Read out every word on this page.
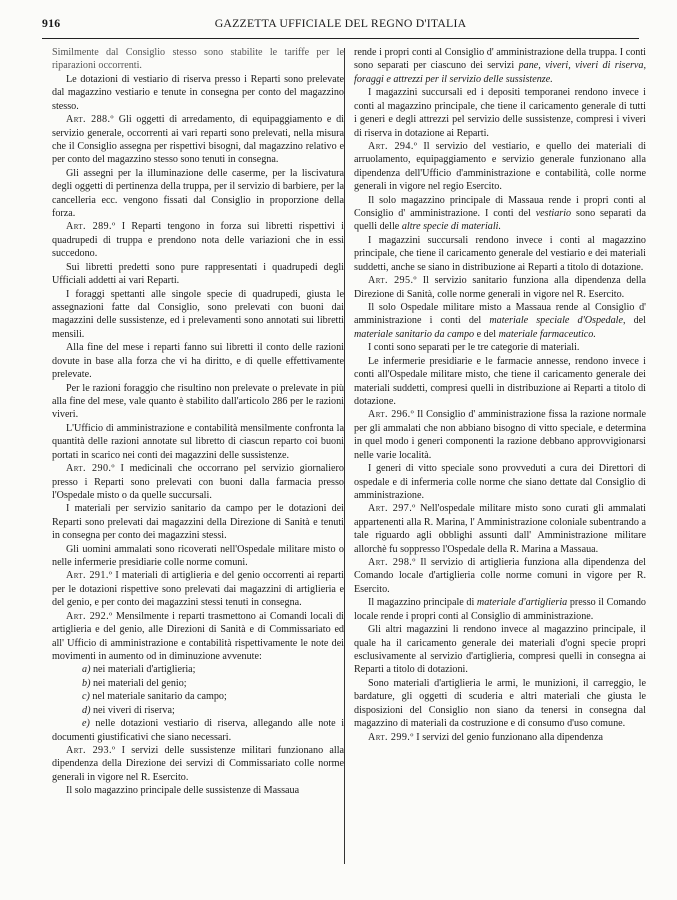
916	GAZZETTA UFFICIALE DEL REGNO D'ITALIA

Similmente dal Consiglio stesso sono stabilite le tariffe per le riparazioni occorrenti.

Le dotazioni di vestiario di riserva presso i Reparti sono prelevate dal magazzino vestiario e tenute in consegna per conto del magazzino stesso.

Art. 288.º Gli oggetti di arredamento, di equipaggiamento e di servizio generale, occorrenti ai vari reparti sono prelevati, nella misura che il Consiglio assegna per rispettivi bisogni, dal magazzino relativo e per conto del magazzino stesso sono tenuti in consegna.

Gli assegni per la illuminazione delle caserme, per la liscivatura degli oggetti di pertinenza della truppa, per il servizio di barbiere, per la cancelleria ecc. vengono fissati dal Consiglio in proporzione della forza.

Art. 289.º I Reparti tengono in forza sui libretti rispettivi i quadrupedi di truppa e prendono nota delle variazioni che in essi succedono.

Sui libretti predetti sono pure rappresentati i quadrupedi degli Ufficiali addetti ai vari Reparti.

I foraggi spettanti alle singole specie di quadrupedi, giusta le assegnazioni fatte dal Consiglio, sono prelevati con buoni dai magazzini delle sussistenze, ed i prelevamenti sono annotati sui libretti mensili.

Alla fine del mese i reparti fanno sui libretti il conto delle razioni dovute in base alla forza che vi ha diritto, e di quelle effettivamente prelevate.

Per le razioni foraggio che risultino non prelevate o prelevate in più alla fine del mese, vale quanto è stabilito dall'articolo 286 per le razioni viveri.

L'Ufficio di amministrazione e contabilità mensilmente confronta la quantità delle razioni annotate sul libretto di ciascun reparto coi buoni portati in scarico nei conti dei magazzini delle sussistenze.

Art. 290.º I medicinali che occorrano pel servizio giornaliero presso i Reparti sono prelevati con buoni dalla farmacia presso l'Ospedale misto o da quelle succursali.

I materiali per servizio sanitario da campo per le dotazioni dei Reparti sono prelevati dai magazzini della Direzione di Sanità e tenuti in consegna per conto dei magazzini stessi.

Gli uomini ammalati sono ricoverati nell'Ospedale militare misto o nelle infermerie presidiarie colle norme comuni.

Art. 291.º I materiali di artiglieria e del genio occorrenti ai reparti per le dotazioni rispettive sono prelevati dai magazzini di artiglieria e del genio, e per conto dei magazzini stessi tenuti in consegna.

Art. 292.º Mensilmente i reparti trasmettono ai Comandi locali di artiglieria e del genio, alle Direzioni di Sanità e di Commissariato ed all' Ufficio di amministrazione e contabilità rispettivamente le note dei movimenti in aumento od in diminuzione avvenute:

a) nei materiali d'artiglieria;
b) nei materiali del genio;
c) nel materiale sanitario da campo;
d) nei viveri di riserva;
e) nelle dotazioni vestiario di riserva, allegando alle note i documenti giustificativi che siano necessari.

Art. 293.º I servizi delle sussistenze militari funzionano alla dipendenza della Direzione dei servizi di Commissariato colle norme generali in vigore nel R. Esercito.

Il solo magazzino principale delle sussistenze di Massaua

rende i propri conti al Consiglio d' amministrazione della truppa. I conti sono separati per ciascuno dei servizi pane, viveri, viveri di riserva, foraggi e attrezzi per il servizio delle sussistenze.

I magazzini succursali ed i depositi temporanei rendono invece i conti al magazzino principale, che tiene il caricamento generale di tutti i generi e degli attrezzi pel servizio delle sussistenze, compresi i viveri di riserva in dotazione ai Reparti.

Art. 294.º Il servizio del vestiario, e quello dei materiali di arruolamento, equipaggiamento e servizio generale funzionano alla dipendenza dell'Ufficio d'amministrazione e contabilità, colle norme generali in vigore nel regio Esercito.

Il solo magazzino principale di Massaua rende i propri conti al Consiglio d' amministrazione. I conti del vestiario sono separati da quelli delle altre specie di materiali.

I magazzini succursali rendono invece i conti al magazzino principale, che tiene il caricamento generale del vestiario e dei materiali suddetti, anche se siano in distribuzione ai Reparti a titolo di dotazione.

Art. 295.º Il servizio sanitario funziona alla dipendenza della Direzione di Sanità, colle norme generali in vigore nel R. Esercito.

Il solo Ospedale militare misto a Massaua rende al Consiglio d' amministrazione i conti del materiale speciale d'Ospedale, del materiale sanitario da campo e del materiale farmaceutico.

I conti sono separati per le tre categorie di materiali.

Le infermerie presidiarie e le farmacie annesse, rendono invece i conti all'Ospedale militare misto, che tiene il caricamento generale dei materiali suddetti, compresi quelli in distribuzione ai Reparti a titolo di dotazione.

Art. 296.º Il Consiglio d' amministrazione fissa la razione normale per gli ammalati che non abbiano bisogno di vitto speciale, e determina in quel modo i generi componenti la razione debbano approvvigionarsi nelle varie località.

I generi di vitto speciale sono provveduti a cura dei Direttori di ospedale e di infermeria colle norme che siano dettate dal Consiglio di amministrazione.

Art. 297.º Nell'ospedale militare misto sono curati gli ammalati appartenenti alla R. Marina, l' Amministrazione coloniale subentrando a tale riguardo agli obblighi assunti dall' Amministrazione militare allorchè fu soppresso l'Ospedale della R. Marina a Massaua.

Art. 298.º Il servizio di artiglieria funziona alla dipendenza del Comando locale d'artiglieria colle norme comuni in vigore per R. Esercito.

Il magazzino principale di materiale d'artiglieria presso il Comando locale rende i propri conti al Consiglio di amministrazione.

Gli altri magazzini li rendono invece al magazzino principale, il quale ha il caricamento generale dei materiali d'ogni specie propri esclusivamente al servizio d'artiglieria, compresi quelli in consegna ai Reparti a titolo di dotazioni.

Sono materiali d'artiglieria le armi, le munizioni, il carreggio, le bardature, gli oggetti di scuderia e altri materiali che giusta le disposizioni del Consiglio non siano da tenersi in consegna dal magazzino di materiali da costruzione e di consumo d'uso comune.

Art. 299.º I servizi del genio funzionano alla dipendenza
